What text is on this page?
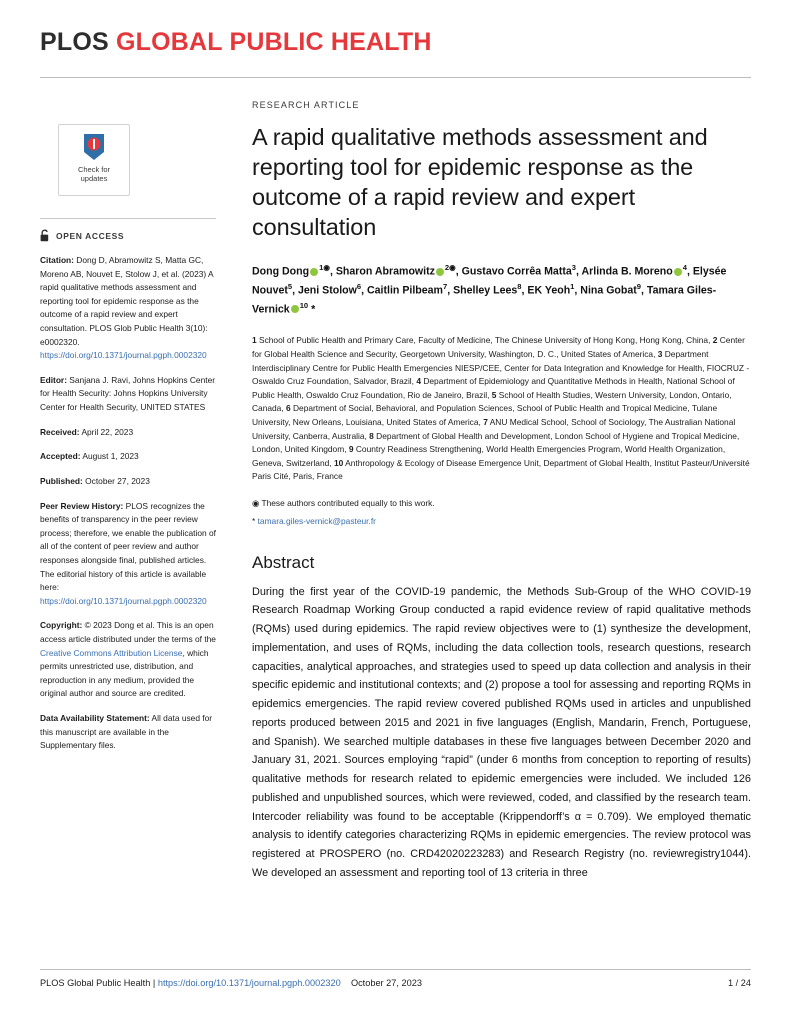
PLOS GLOBAL PUBLIC HEALTH
Check for
updates
OPEN ACCESS

Citation: Dong D, Abramowitz S, Matta GC, Moreno AB, Nouvet E, Stolow J, et al. (2023) A rapid qualitative methods assessment and reporting tool for epidemic response as the outcome of a rapid review and expert consultation. PLOS Glob Public Health 3(10): e0002320. https://doi.org/10.1371/journal.pgph.0002320

Editor: Sanjana J. Ravi, Johns Hopkins Center for Health Security: Johns Hopkins University Center for Health Security, UNITED STATES

Received: April 22, 2023

Accepted: August 1, 2023

Published: October 27, 2023

Peer Review History: PLOS recognizes the benefits of transparency in the peer review process; therefore, we enable the publication of all of the content of peer review and author responses alongside final, published articles. The editorial history of this article is available here: https://doi.org/10.1371/journal.pgph.0002320

Copyright: © 2023 Dong et al. This is an open access article distributed under the terms of the Creative Commons Attribution License, which permits unrestricted use, distribution, and reproduction in any medium, provided the original author and source are credited.

Data Availability Statement: All data used for this manuscript are available in the Supplementary files.

RESEARCH ARTICLE
A rapid qualitative methods assessment and reporting tool for epidemic response as the outcome of a rapid review and expert consultation
Dong Dong $^{1◉}$, Sharon Abramowitz $^{2◉}$, Gustavo Corrêa Matta$^3$, Arlinda B. Moreno $^4$, Elysée Nouvet$^5$, Jeni Stolow$^6$, Caitlin Pilbeam$^7$, Shelley Lees$^8$, EK Yeoh$^1$, Nina Gobat$^9$, Tamara Giles-Vernick $^{10}$ *
1 School of Public Health and Primary Care, Faculty of Medicine, The Chinese University of Hong Kong, Hong Kong, China, 2 Center for Global Health Science and Security, Georgetown University, Washington, D. C., United States of America, 3 Department Interdisciplinary Centre for Public Health Emergencies NIESP/CEE, Center for Data Integration and Knowledge for Health, FIOCRUZ - Oswaldo Cruz Foundation, Salvador, Brazil, 4 Department of Epidemiology and Quantitative Methods in Health, National School of Public Health, Oswaldo Cruz Foundation, Rio de Janeiro, Brazil, 5 School of Health Studies, Western University, London, Ontario, Canada, 6 Department of Social, Behavioral, and Population Sciences, School of Public Health and Tropical Medicine, Tulane University, New Orleans, Louisiana, United States of America, 7 ANU Medical School, School of Sociology, The Australian National University, Canberra, Australia, 8 Department of Global Health and Development, London School of Hygiene and Tropical Medicine, London, United Kingdom, 9 Country Readiness Strengthening, World Health Emergencies Program, World Health Organization, Geneva, Switzerland, 10 Anthropology & Ecology of Disease Emergence Unit, Department of Global Health, Institut Pasteur/Université Paris Cité, Paris, France
◉ These authors contributed equally to this work.
* tamara.giles-vernick@pasteur.fr
Abstract

During the first year of the COVID-19 pandemic, the Methods Sub-Group of the WHO COVID-19 Research Roadmap Working Group conducted a rapid evidence review of rapid qualitative methods (RQMs) used during epidemics. The rapid review objectives were to (1) synthesize the development, implementation, and uses of RQMs, including the data collection tools, research questions, research capacities, analytical approaches, and strategies used to speed up data collection and analysis in their specific epidemic and institutional contexts; and (2) propose a tool for assessing and reporting RQMs in epidemics emergencies. The rapid review covered published RQMs used in articles and unpublished reports produced between 2015 and 2021 in five languages (English, Mandarin, French, Portuguese, and Spanish). We searched multiple databases in these five languages between December 2020 and January 31, 2021. Sources employing “rapid” (under 6 months from conception to reporting of results) qualitative methods for research related to epidemic emergencies were included. We included 126 published and unpublished sources, which were reviewed, coded, and classified by the research team. Intercoder reliability was found to be acceptable (Krippendorff’s α = 0.709). We employed thematic analysis to identify categories characterizing RQMs in epidemic emergencies. The review protocol was registered at PROSPERO (no. CRD42020223283) and Research Registry (no. reviewregistry1044). We developed an assessment and reporting tool of 13 criteria in three

PLOS Global Public Health | https://doi.org/10.1371/journal.pgph.0002320 October 27, 2023	1 / 24
